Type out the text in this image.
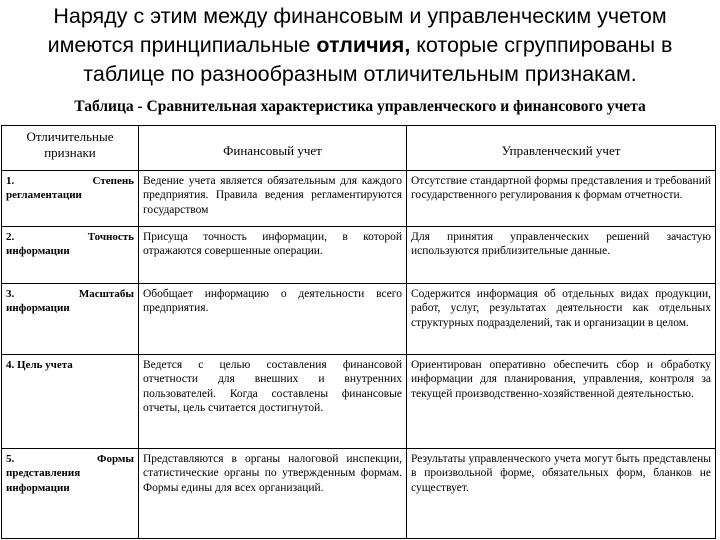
Наряду с этим между финансовым и управленческим учетом
имеются принципиальные отличия, которые сгруппированы в
таблице по разнообразным отличительным признакам.
Таблица - Сравнительная характеристика управленческого и финансового учета
Отличительные признаки	Финансовый учет	Управленческий учет

1. Степень
регламентации	Ведение учета является обязательным для каждого предприятия. Правила ведения регламентируются государством	Отсутствие стандартной формы представления и требований государственного регулирования к формам отчетности.

2. Точность
информации	Присуща точность информации, в которой отражаются совершенные операции.	Для принятия управленческих решений зачастую используются приблизительные данные.

3. Масштабы
информации	Обобщает информацию о деятельности всего предприятия.	Содержится информация об отдельных видах продукции, работ, услуг, результатах деятельности как отдельных структурных подразделений, так и организации в целом.
4. Цель учета	Ведется с целью составления финансовой отчетности для внешних и внутренних пользователей. Когда составлены финансовые отчеты, цель считается достигнутой.	Ориентирован оперативно обеспечить сбор и обработку информации для планирования, управления, контроля за текущей производственно-хозяйственной деятельностью.

5. Формы
представления информации	Представляются в органы налоговой инспекции, статистические органы по утвержденным формам. Формы едины для всех организаций.	Результаты управленческого учета могут быть представлены в произвольной форме, обязательных форм, бланков не существует.
